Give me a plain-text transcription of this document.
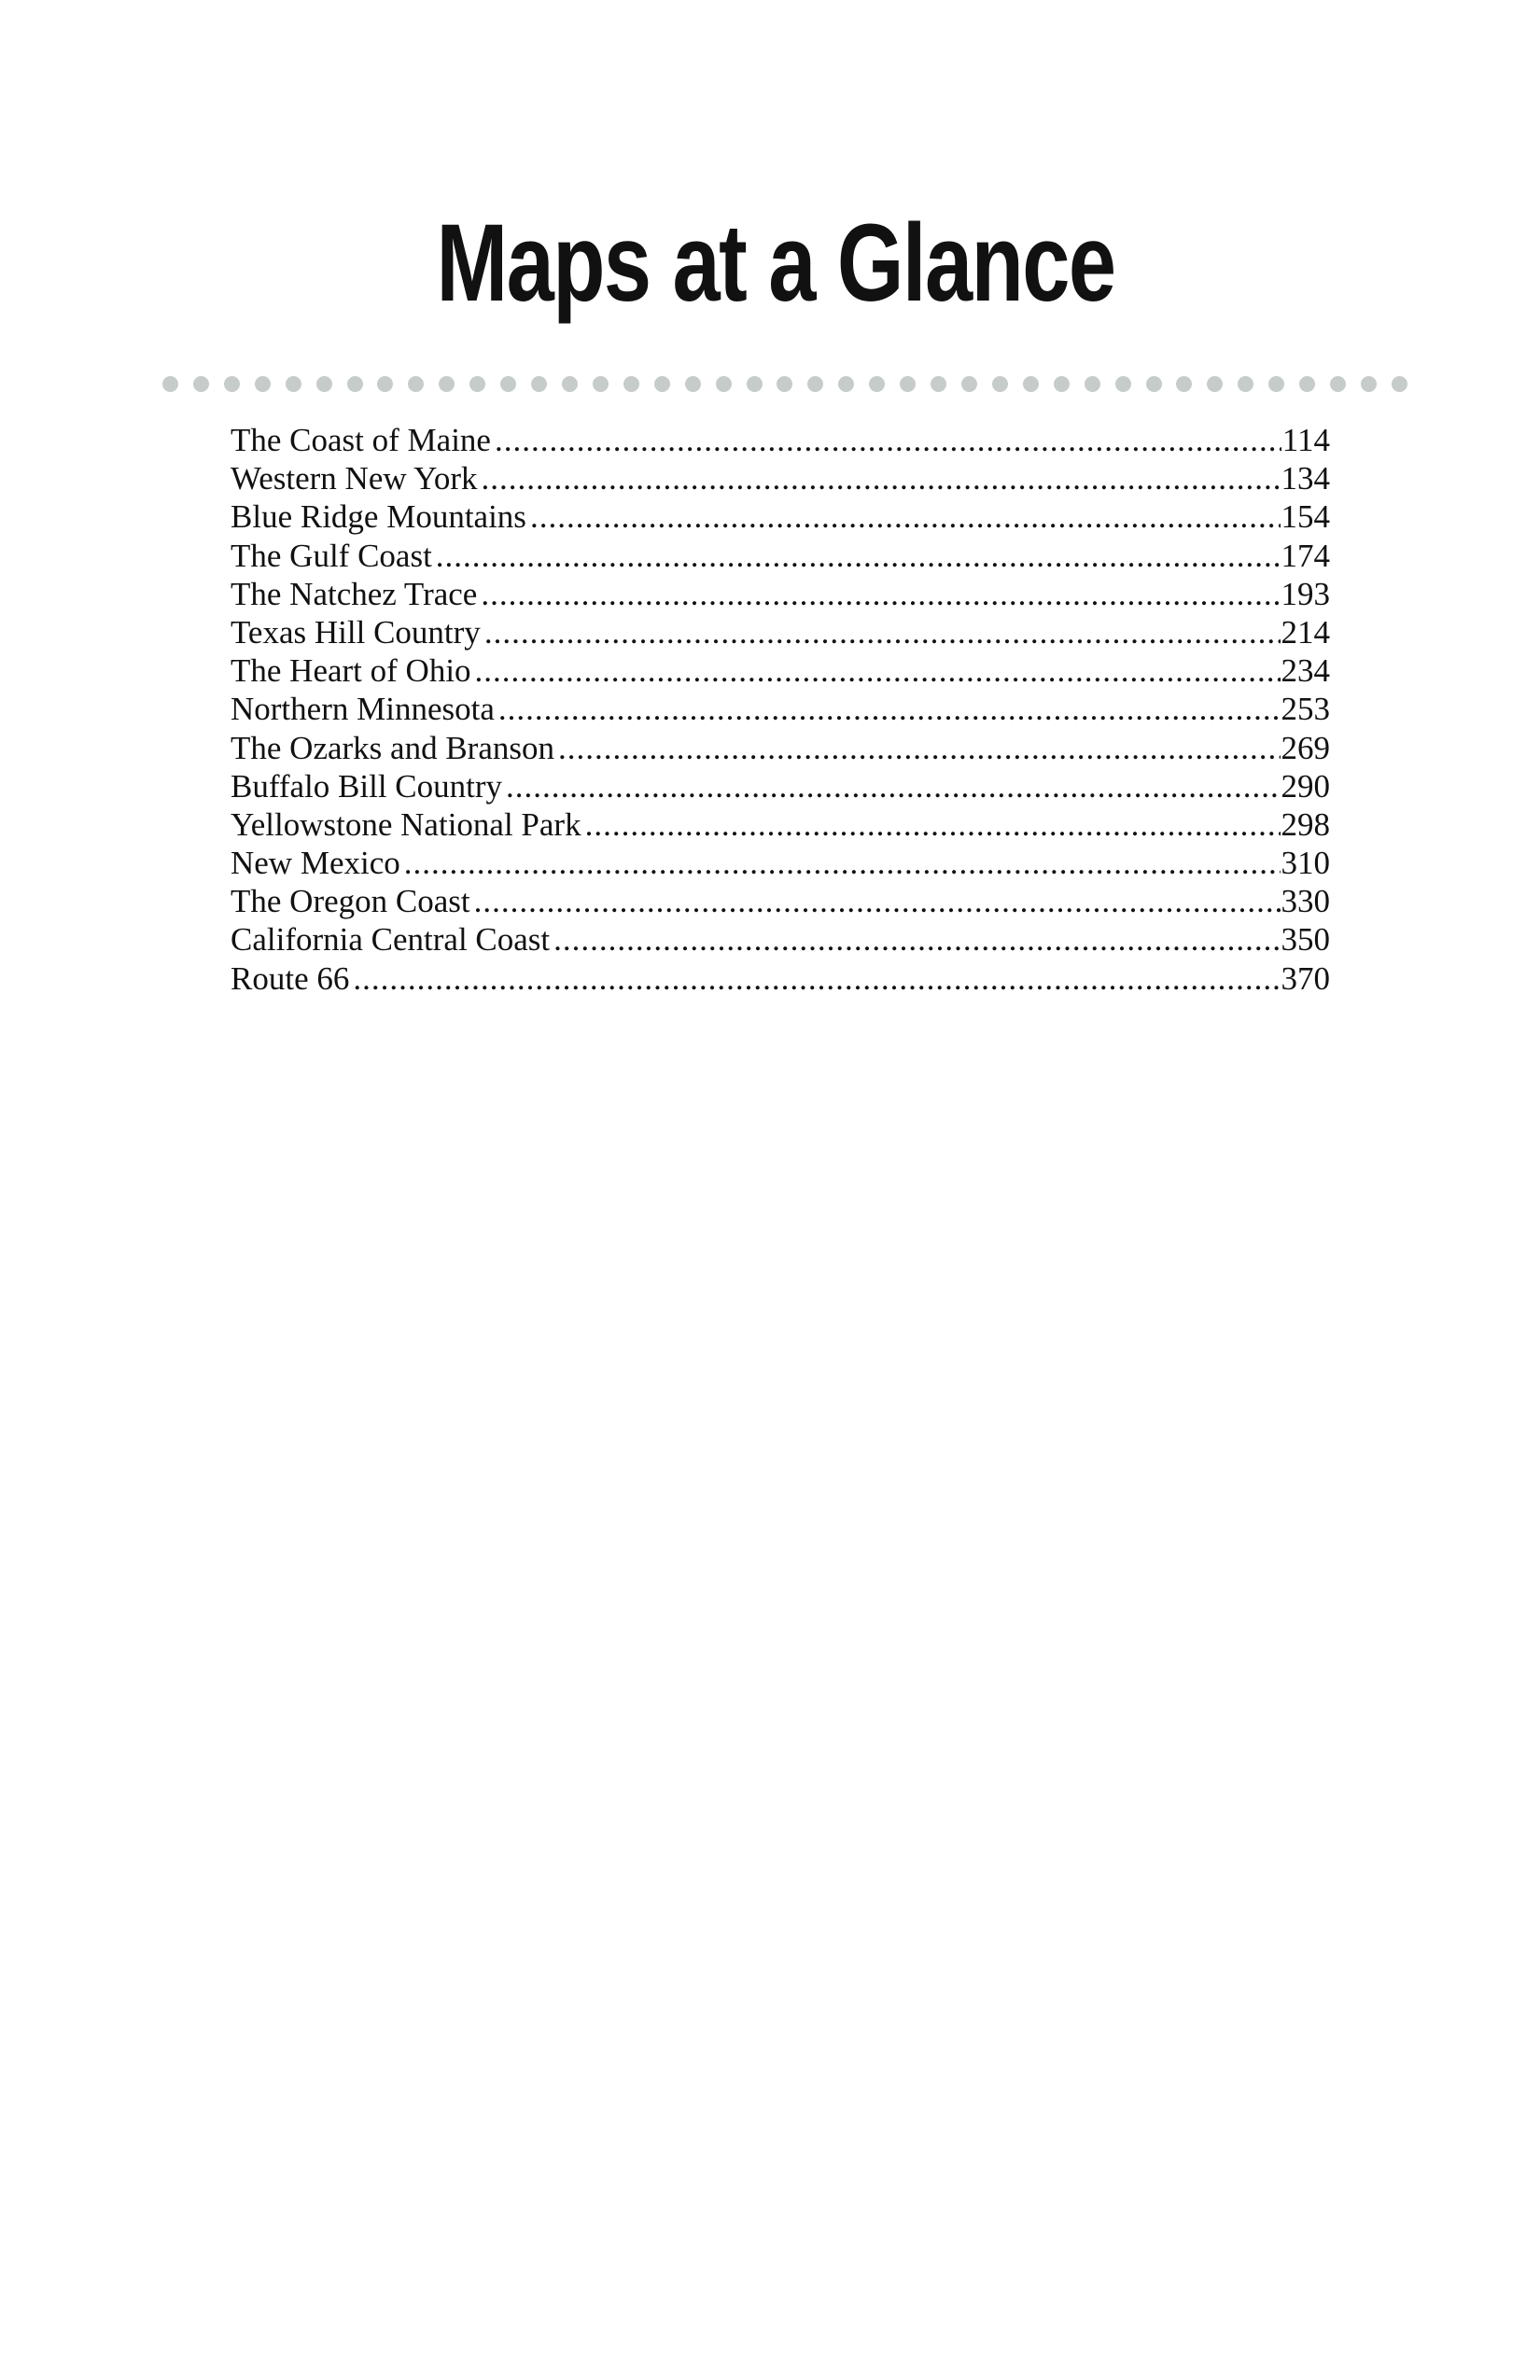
Maps at a Glance
The Coast of Maine .....	114
Western New York .....	134
Blue Ridge Mountains .....	154
The Gulf Coast .....	174
The Natchez Trace .....	193
Texas Hill Country .....	214
The Heart of Ohio .....	234
Northern Minnesota .....	253
The Ozarks and Branson .....	269
Buffalo Bill Country .....	290
Yellowstone National Park .....	298
New Mexico .....	310
The Oregon Coast .....	330
California Central Coast .....	350
Route 66 .....	370
